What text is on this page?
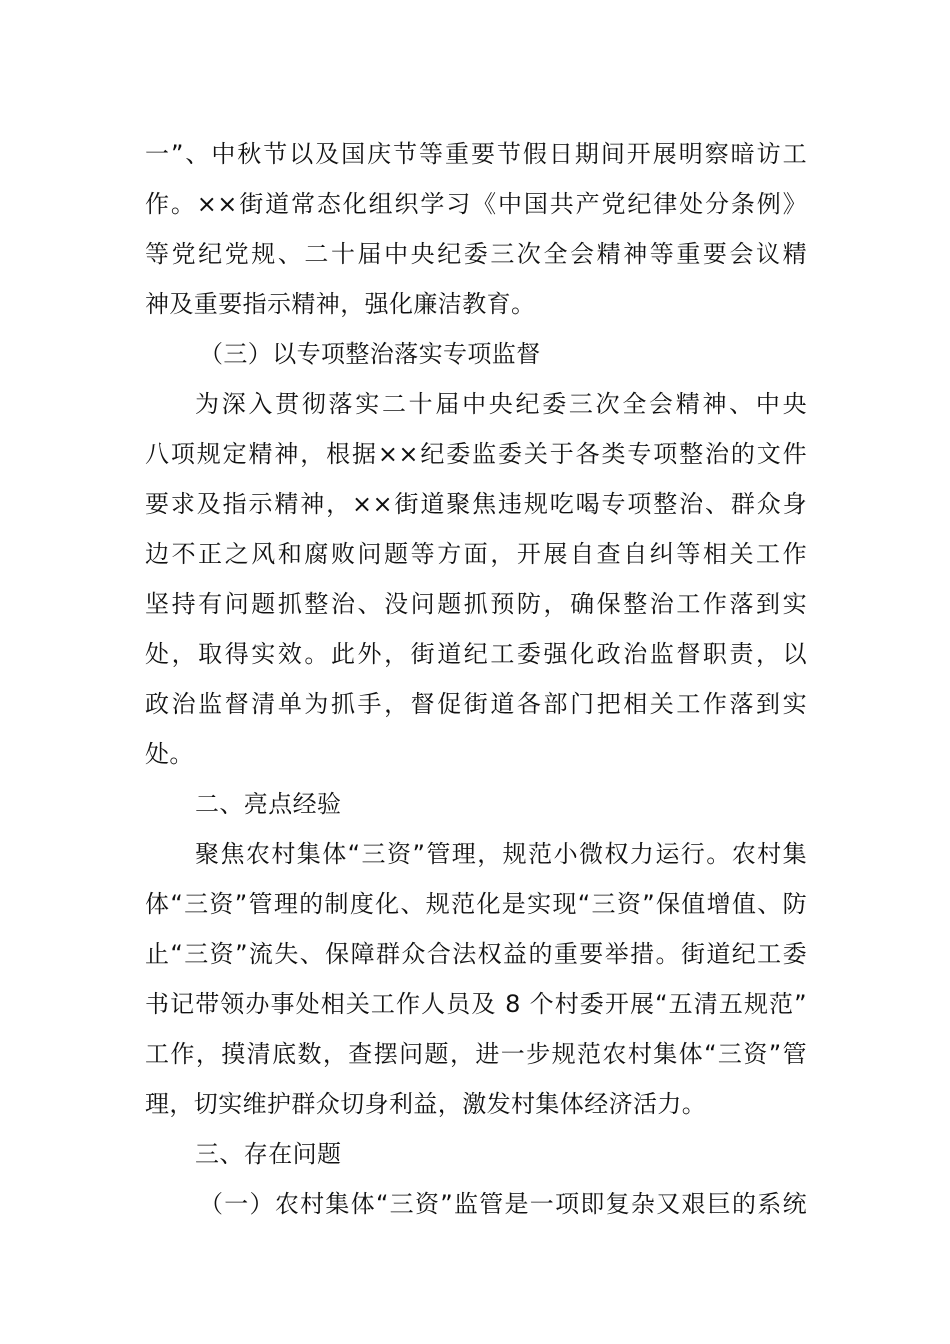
一”、中秋节以及国庆节等重要节假日期间开展明察暗访工
作。××街道常态化组织学习《中国共产党纪律处分条例》
等党纪党规、二十届中央纪委三次全会精神等重要会议精
神及重要指示精神，强化廉洁教育。
（三）以专项整治落实专项监督
为深入贯彻落实二十届中央纪委三次全会精神、中央
八项规定精神，根据××纪委监委关于各类专项整治的文件
要求及指示精神，××街道聚焦违规吃喝专项整治、群众身
边不正之风和腐败问题等方面，开展自查自纠等相关工作
坚持有问题抓整治、没问题抓预防，确保整治工作落到实
处，取得实效。此外，街道纪工委强化政治监督职责，以
政治监督清单为抓手，督促街道各部门把相关工作落到实
处。
二、亮点经验
聚焦农村集体“三资”管理，规范小微权力运行。农村集
体“三资”管理的制度化、规范化是实现“三资”保值增值、防
止“三资”流失、保障群众合法权益的重要举措。街道纪工委
书记带领办事处相关工作人员及 8 个村委开展“五清五规范”
工作，摸清底数，查摆问题，进一步规范农村集体“三资”管
理，切实维护群众切身利益，激发村集体经济活力。
三、存在问题
（一）农村集体“三资”监管是一项即复杂又艰巨的系统
